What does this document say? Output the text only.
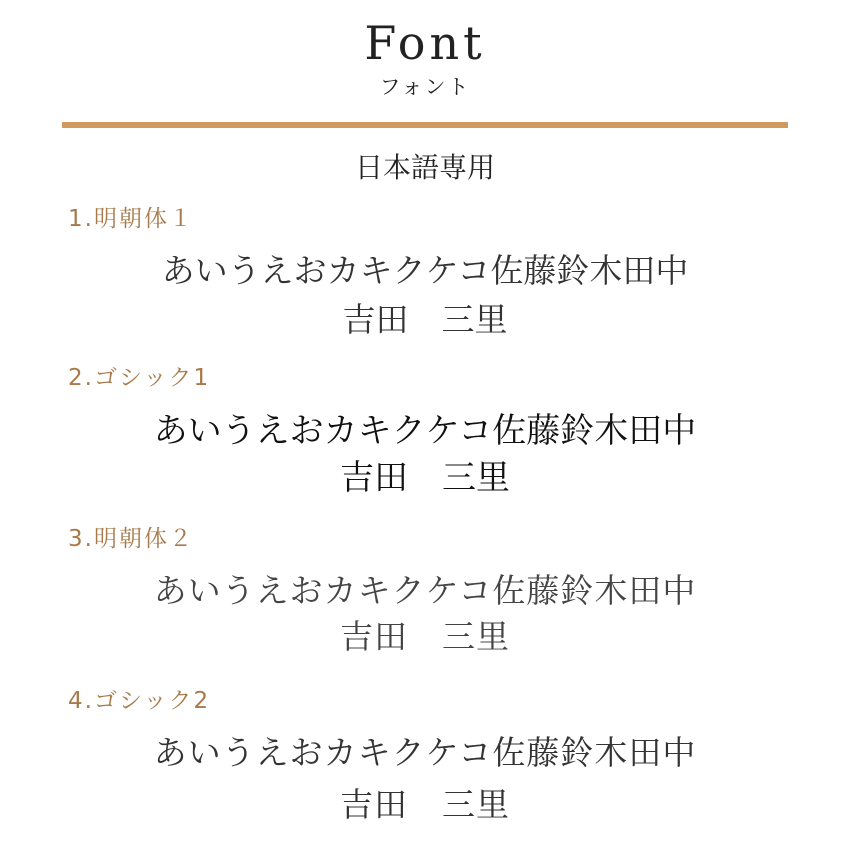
Font
フォント
日本語専用
1.明朝体１
あいうえおカキクケコ佐藤鈴木田中
吉田　三里
2.ゴシック1
あいうえおカキクケコ佐藤鈴木田中
吉田　三里
3.明朝体２
あいうえおカキクケコ佐藤鈴木田中
吉田　三里
4.ゴシック2
あいうえおカキクケコ佐藤鈴木田中
吉田　三里
